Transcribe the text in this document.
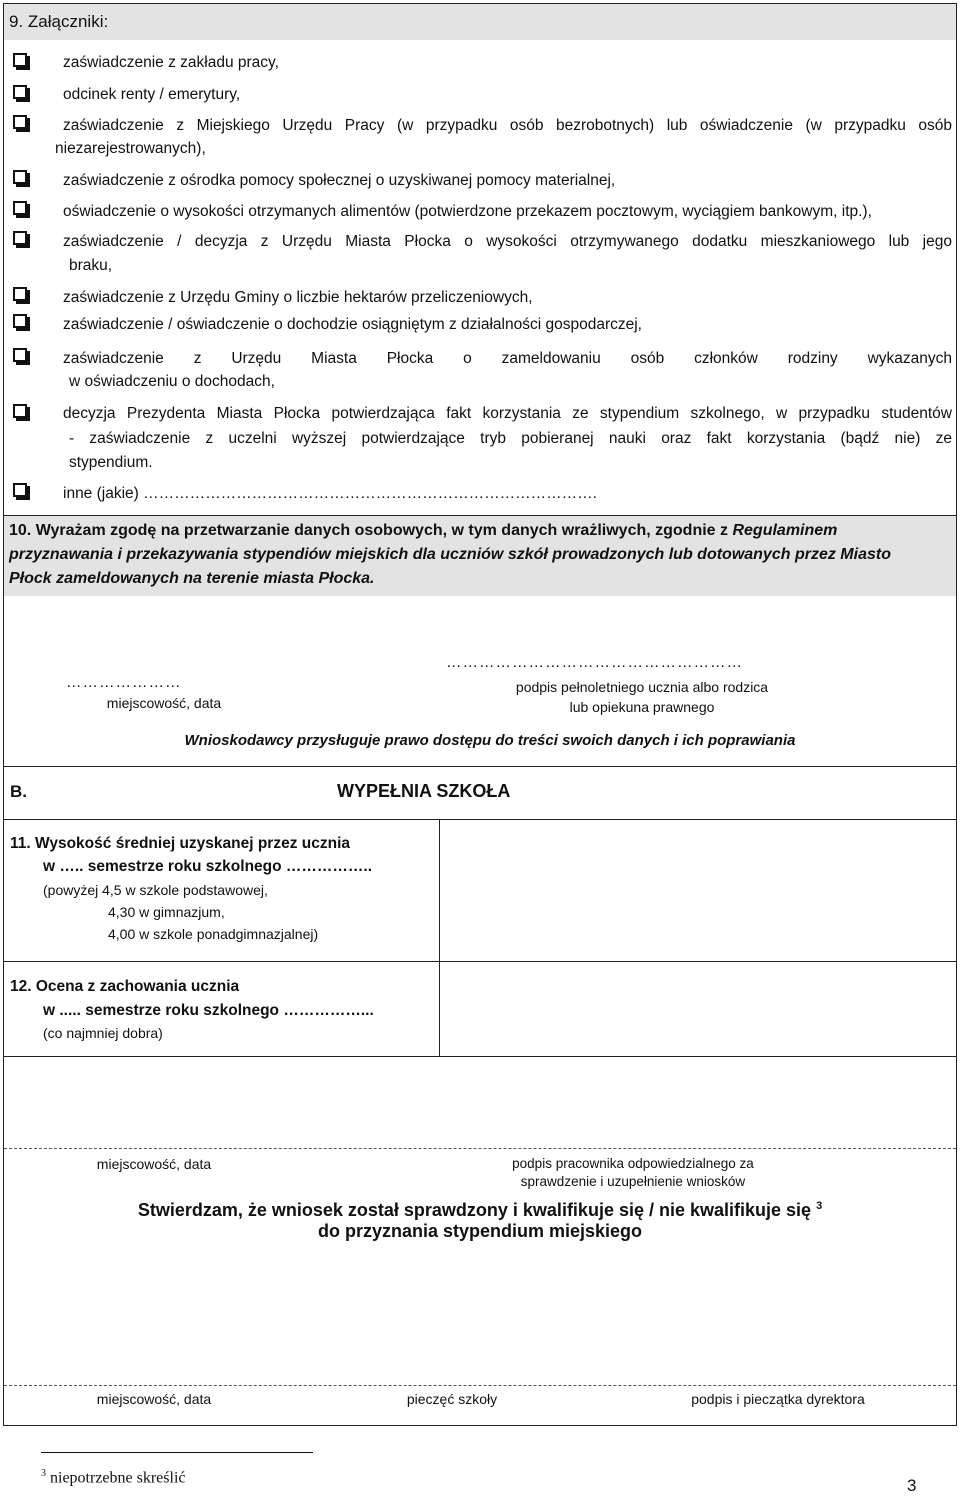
9. Załączniki:
zaświadczenie z zakładu pracy,
odcinek renty / emerytury,
zaświadczenie z Miejskiego Urzędu Pracy (w przypadku osób bezrobotnych) lub oświadczenie (w przypadku osób
niezarejestrowanych),
zaświadczenie z ośrodka pomocy społecznej o uzyskiwanej pomocy materialnej,
oświadczenie o wysokości otrzymanych alimentów (potwierdzone przekazem pocztowym, wyciągiem bankowym, itp.),
zaświadczenie / decyzja z Urzędu Miasta Płocka o wysokości otrzymywanego dodatku mieszkaniowego lub jego
braku,
zaświadczenie z Urzędu Gminy o liczbie hektarów przeliczeniowych,
zaświadczenie / oświadczenie o dochodzie osiągniętym z działalności gospodarczej,
zaświadczenie z Urzędu Miasta Płocka o zameldowaniu osób członków rodziny wykazanych
w oświadczeniu o dochodach,
decyzja Prezydenta Miasta Płocka potwierdzająca fakt korzystania ze stypendium szkolnego, w przypadku studentów
- zaświadczenie z uczelni wyższej potwierdzające tryb pobieranej nauki oraz fakt korzystania (bądź nie) ze
stypendium.
inne (jakie) …………………………………………………………………………….
10. Wyrażam zgodę na przetwarzanie danych osobowych, w tym danych wrażliwych, zgodnie z Regulaminem
przyznawania i przekazywania stypendiów miejskich dla uczniów szkół prowadzonych lub dotowanych przez Miasto
Płock zameldowanych na terenie miasta Płocka.
…………………
miejscowość, data
………………………………………………
podpis pełnoletniego ucznia albo rodzica
lub opiekuna prawnego
Wnioskodawcy przysługuje prawo dostępu do treści swoich danych i ich poprawiania
B.	WYPEŁNIA SZKOŁA
11. Wysokość średniej uzyskanej przez ucznia
w ….. semestrze roku szkolnego ……………..
(powyżej 4,5 w szkole podstawowej,
4,30 w gimnazjum,
4,00 w szkole ponadgimnazjalnej)
12. Ocena z zachowania ucznia
w ..... semestrze roku szkolnego ……………...
(co najmniej dobra)
miejscowość, data	podpis pracownika odpowiedzialnego za
sprawdzenie i uzupełnienie wniosków
Stwierdzam, że wniosek został sprawdzony i kwalifikuje się / nie kwalifikuje się $^3$
do przyznania stypendium miejskiego
miejscowość, data	pieczęć szkoły	podpis i pieczątka dyrektora
$^3$ niepotrzebne skreślić	3
